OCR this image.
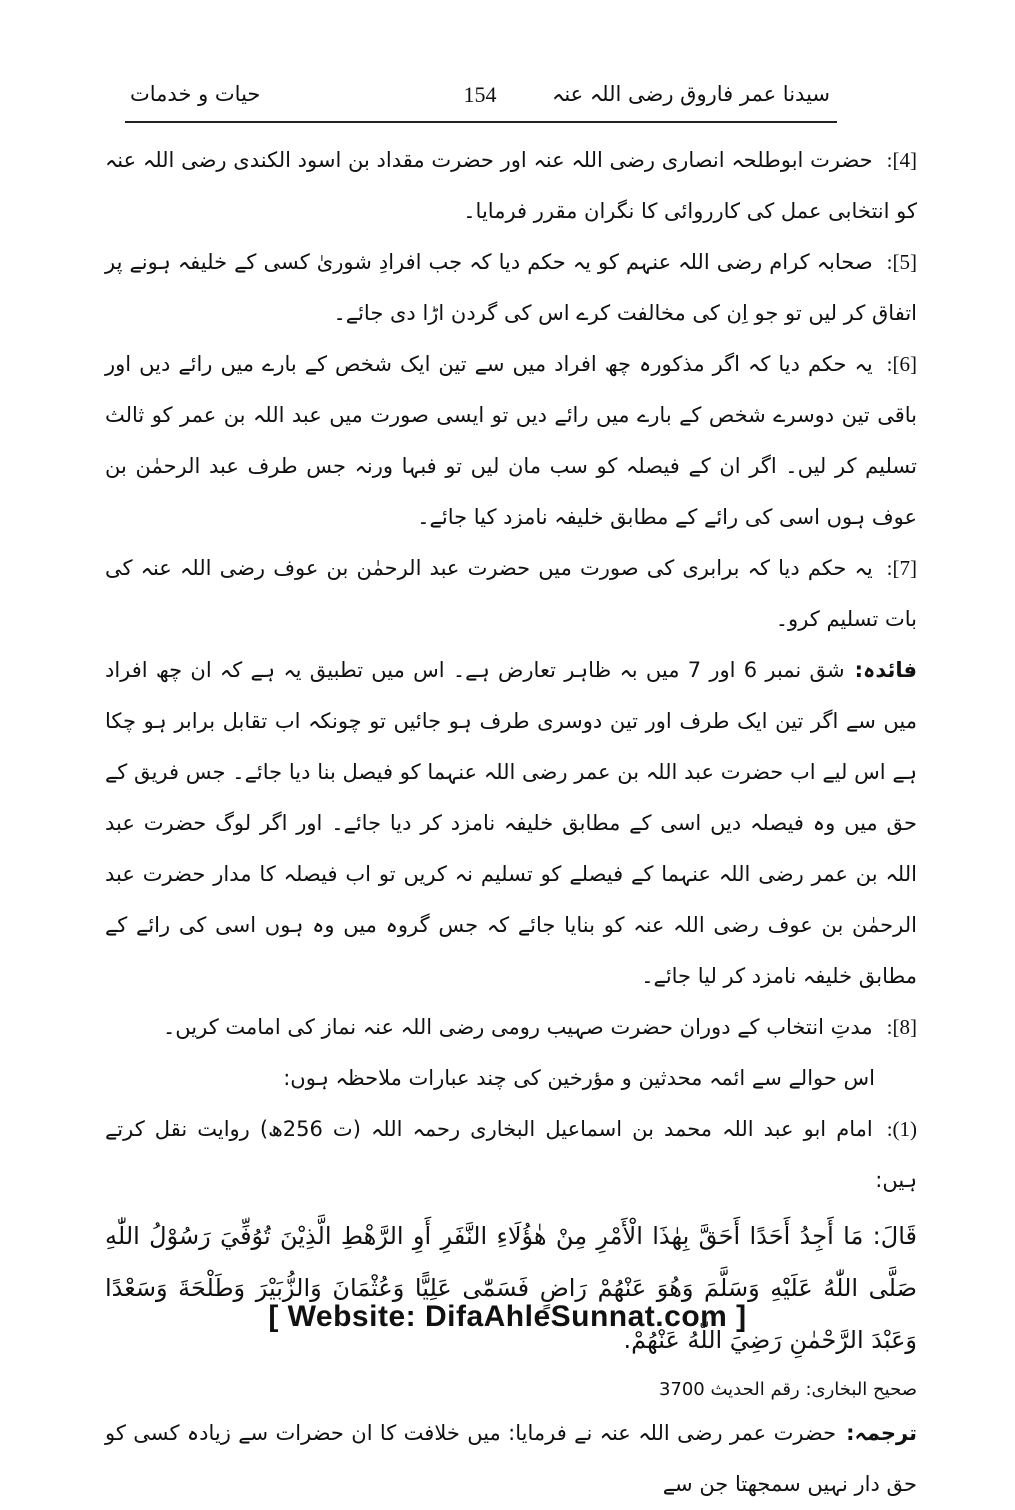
سیدنا عمر فاروق رضی اللہ عنہ
154
حیات و خدمات

[4]:حضرت ابوطلحہ انصاری رضی اللہ عنہ اور حضرت مقداد بن اسود الکندی رضی اللہ عنہ کو انتخابی عمل کی کارروائی کا نگران مقرر فرمایا۔

[5]:صحابہ کرام رضی اللہ عنہم کو یہ حکم دیا کہ جب افرادِ شوریٰ کسی کے خلیفہ ہونے پر اتفاق کر لیں تو جو اِن کی مخالفت کرے اس کی گردن اڑا دی جائے۔

[6]:یہ حکم دیا کہ اگر مذکورہ چھ افراد میں سے تین ایک شخص کے بارے میں رائے دیں اور باقی تین دوسرے شخص کے بارے میں رائے دیں تو ایسی صورت میں عبد اللہ بن عمر کو ثالث تسلیم کر لیں۔ اگر ان کے فیصلہ کو سب مان لیں تو فبہا ورنہ جس طرف عبد الرحمٰن بن عوف ہوں اسی کی رائے کے مطابق خلیفہ نامزد کیا جائے۔

[7]:یہ حکم دیا کہ برابری کی صورت میں حضرت عبد الرحمٰن بن عوف رضی اللہ عنہ کی بات تسلیم کرو۔

فائدہ:شق نمبر 6 اور 7 میں بہ ظاہر تعارض ہے۔ اس میں تطبیق یہ ہے کہ ان چھ افراد میں سے اگر تین ایک طرف اور تین دوسری طرف ہو جائیں تو چونکہ اب تقابل برابر ہو چکا ہے اس لیے اب حضرت عبد اللہ بن عمر رضی اللہ عنہما کو فیصل بنا دیا جائے۔ جس فریق کے حق میں وہ فیصلہ دیں اسی کے مطابق خلیفہ نامزد کر دیا جائے۔ اور اگر لوگ حضرت عبد اللہ بن عمر رضی اللہ عنہما کے فیصلے کو تسلیم نہ کریں تو اب فیصلہ کا مدار حضرت عبد الرحمٰن بن عوف رضی اللہ عنہ کو بنایا جائے کہ جس گروہ میں وہ ہوں اسی کی رائے کے مطابق خلیفہ نامزد کر لیا جائے۔

[8]:مدتِ انتخاب کے دوران حضرت صہیب رومی رضی اللہ عنہ نماز کی امامت کریں۔

اس حوالے سے ائمہ محدثین و مؤرخین کی چند عبارات ملاحظہ ہوں:

(1):امام ابو عبد اللہ محمد بن اسماعیل البخاری رحمہ اللہ (ت 256ھ) روایت نقل کرتے ہیں:

قَالَ: مَا أَجِدُ أَحَدًا أَحَقَّ بِهٰذَا الْأَمْرِ مِنْ هٰؤُلَاءِ النَّفَرِ أَوِ الرَّهْطِ الَّذِيْنَ تُوُفِّيَ رَسُوْلُ اللّٰهِ صَلَّى اللّٰهُ عَلَيْهِ وَسَلَّمَ وَهُوَ عَنْهُمْ رَاضٍ فَسَمّٰى عَلِيًّا وَعُثْمَانَ وَالزُّبَيْرَ وَطَلْحَةَ وَسَعْدًا وَعَبْدَ الرَّحْمٰنِ رَضِيَ اللّٰهُ عَنْهُمْ.

صحیح البخاری: رقم الحدیث 3700

ترجمہ:حضرت عمر رضی اللہ عنہ نے فرمایا: میں خلافت کا ان حضرات سے زیادہ کسی کو حق دار نہیں سمجھتا جن سے

[ Website: DifaAhleSunnat.com ]
